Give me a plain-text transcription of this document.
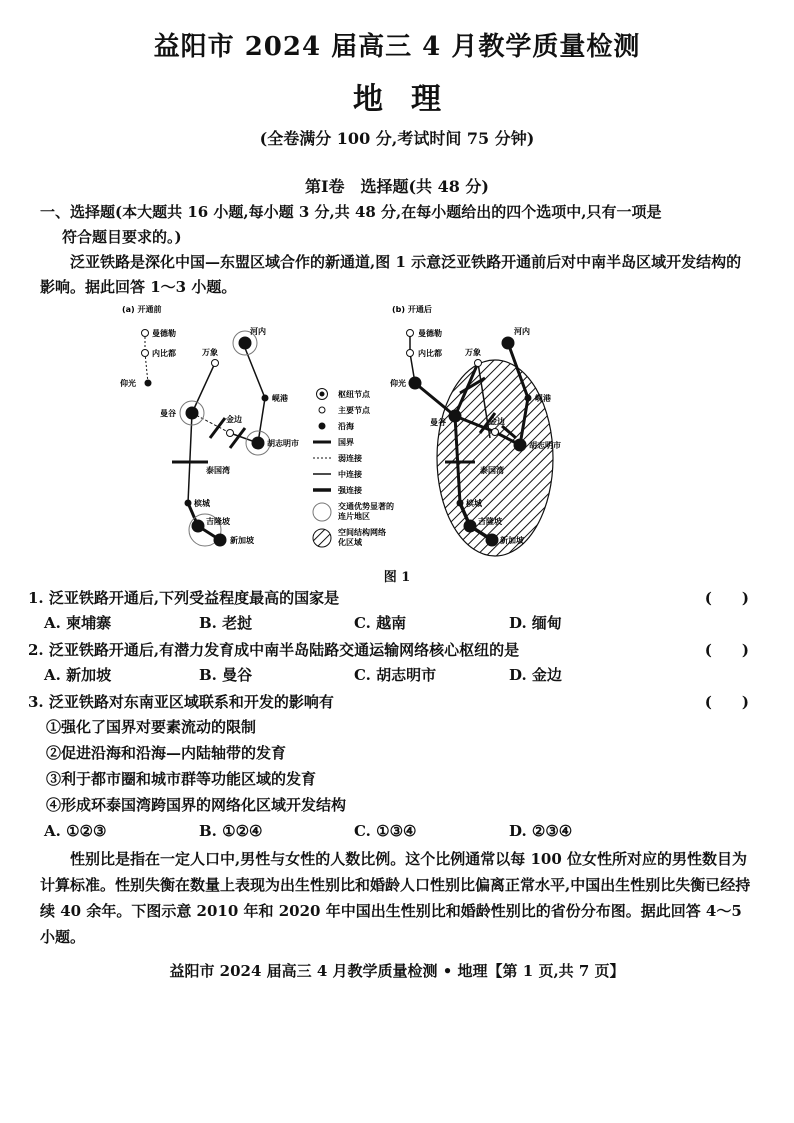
益阳市 2024 届高三 4 月教学质量检测
地理
(全卷满分 100 分,考试时间 75 分钟)
第Ⅰ卷　选择题(共 48 分)
一、选择题(本大题共 16 小题,每小题 3 分,共 48 分,在每小题给出的四个选项中,只有一项是
符合题目要求的。)
泛亚铁路是深化中国—东盟区域合作的新通道,图 1 示意泛亚铁路开通前后对中南半岛区域开发结构的影响。据此回答 1～3 小题。
(a) 开通前
曼德勒
内比都
仰光
万象
河内
岘港
曼谷
金边
胡志明市
泰国湾
槟城
吉隆坡
新加坡
枢纽节点
主要节点
沿海
国界
弱连接
中连接
强连接
交通优势显著的
连片地区
空间结构网络
化区域
(b) 开通后
曼德勒
内比都
仰光
万象
河内
岘港
曼谷	金边
胡志明市
泰国湾
槟城
吉隆坡
新加坡
图 1
1. 泛亚铁路开通后,下列受益程度最高的国家是	(　　)
A. 柬埔寨	B. 老挝	C. 越南	D. 缅甸
2. 泛亚铁路开通后,有潜力发育成中南半岛陆路交通运输网络核心枢纽的是	(　　)
A. 新加坡	B. 曼谷	C. 胡志明市	D. 金边
3. 泛亚铁路对东南亚区域联系和开发的影响有	(　　)
①强化了国界对要素流动的限制
②促进沿海和沿海—内陆轴带的发育
③利于都市圈和城市群等功能区域的发育
④形成环泰国湾跨国界的网络化区域开发结构
A. ①②③	B. ①②④	C. ①③④	D. ②③④
性别比是指在一定人口中,男性与女性的人数比例。这个比例通常以每 100 位女性所对应的男性数目为计算标准。性别失衡在数量上表现为出生性别比和婚龄人口性别比偏离正常水平,中国出生性别比失衡已经持续 40 余年。下图示意 2010 年和 2020 年中国出生性别比和婚龄性别比的省份分布图。据此回答 4～5 小题。
益阳市 2024 届高三 4 月教学质量检测 • 地理【第 1 页,共 7 页】
